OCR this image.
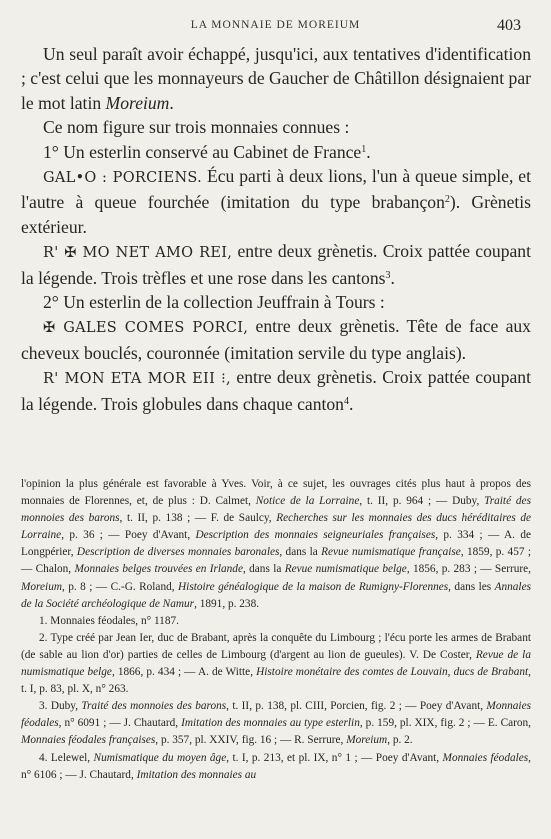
LA MONNAIE DE MOREIUM	403

Un seul paraît avoir échappé, jusqu'ici, aux tentatives d'identification ; c'est celui que les monnayeurs de Gaucher de Châtillon désignaient par le mot latin Moreium.

Ce nom figure sur trois monnaies connues :

1° Un esterlin conservé au Cabinet de France$^1$.

GAL•O : PORCIENS. Écu parti à deux lions, l'un à queue simple, et l'autre à queue fourchée (imitation du type brabançon$^2$). Grènetis extérieur.

R' ✠ MO NET AMO REI, entre deux grènetis. Croix pattée coupant la légende. Trois trèfles et une rose dans les cantons$^3$.

2° Un esterlin de la collection Jeuffrain à Tours :

✠ GALES COMES PORCI, entre deux grènetis. Tête de face aux cheveux bouclés, couronnée (imitation servile du type anglais).

R' MON ETA MOR EII ⁝, entre deux grènetis. Croix pattée coupant la légende. Trois globules dans chaque canton$^4$.

l'opinion la plus générale est favorable à Yves. Voir, à ce sujet, les ouvrages cités plus haut à propos des monnaies de Florennes, et, de plus : D. Calmet, Notice de la Lorraine, t. II, p. 964 ; — Duby, Traité des monnoies des barons, t. II, p. 138 ; — F. de Saulcy, Recherches sur les monnaies des ducs héréditaires de Lorraine, p. 36 ; — Poey d'Avant, Description des monnaies seigneuriales françaises, p. 334 ; — A. de Longpérier, Description de diverses monnaies baronales, dans la Revue numismatique française, 1859, p. 457 ; — Chalon, Monnaies belges trouvées en Irlande, dans la Revue numismatique belge, 1856, p. 283 ; — Serrure, Moreium, p. 8 ; — C.-G. Roland, Histoire généalogique de la maison de Rumigny-Florennes, dans les Annales de la Société archéologique de Namur, 1891, p. 238.

1. Monnaies féodales, n° 1187.

2. Type créé par Jean Ier, duc de Brabant, après la conquête du Limbourg ; l'écu porte les armes de Brabant (de sable au lion d'or) parties de celles de Limbourg (d'argent au lion de gueules). V. De Coster, Revue de la numismatique belge, 1866, p. 434 ; — A. de Witte, Histoire monétaire des comtes de Louvain, ducs de Brabant, t. I, p. 83, pl. X, n° 263.

3. Duby, Traité des monnoies des barons, t. II, p. 138, pl. CIII, Porcien, fig. 2 ; — Poey d'Avant, Monnaies féodales, n° 6091 ; — J. Chautard, Imitation des monnaies au type esterlin, p. 159, pl. XIX, fig. 2 ; — E. Caron, Monnaies féodales françaises, p. 357, pl. XXIV, fig. 16 ; — R. Serrure, Moreium, p. 2.

4. Lelewel, Numismatique du moyen âge, t. I, p. 213, et pl. IX, n° 1 ; — Poey d'Avant, Monnaies féodales, n° 6106 ; — J. Chautard, Imitation des monnaies au
